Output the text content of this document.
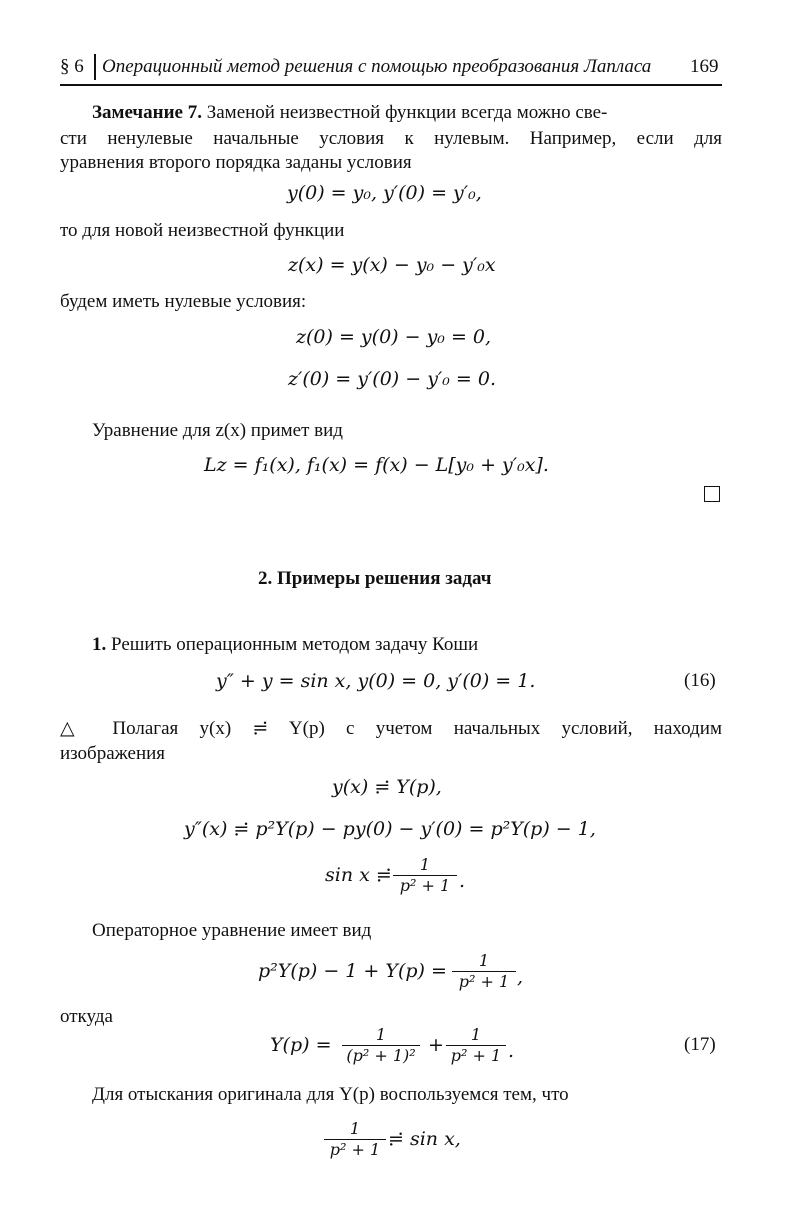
§ 6 Операционный метод решения с помощью преобразования Лапласа 169
Замечание 7. Заменой неизвестной функции всегда можно све-
сти ненулевые начальные условия к нулевым. Например, если для
уравнения второго порядка заданы условия
y(0) = y₀, y′(0) = y′₀,
то для новой неизвестной функции
z(x) = y(x) − y₀ − y′₀x
будем иметь нулевые условия:
z(0) = y(0) − y₀ = 0,
z′(0) = y′(0) − y′₀ = 0.
Уравнение для z(x) примет вид
Lz = f₁(x), f₁(x) = f(x) − L[y₀ + y′₀x].
2. Примеры решения задач
1. Решить операционным методом задачу Коши
y″ + y = sin x, y(0) = 0, y′(0) = 1.	(16)
△ Полагая y(x) ≓ Y(p) с учетом начальных условий, находим
изображения
y(x) ≓ Y(p),
y″(x) ≓ p²Y(p) − py(0) − y′(0) = p²Y(p) − 1,
sin x ≓	1
p² + 1 .
Операторное уравнение имеет вид
p²Y(p) − 1 + Y(p) =	1
p² + 1 ,
откуда
Y(p) =	1
(p² + 1)² +	1
p² + 1 .	(17)
Для отыскания оригинала для Y(p) воспользуемся тем, что
1
p² + 1 ≓ sin x,
